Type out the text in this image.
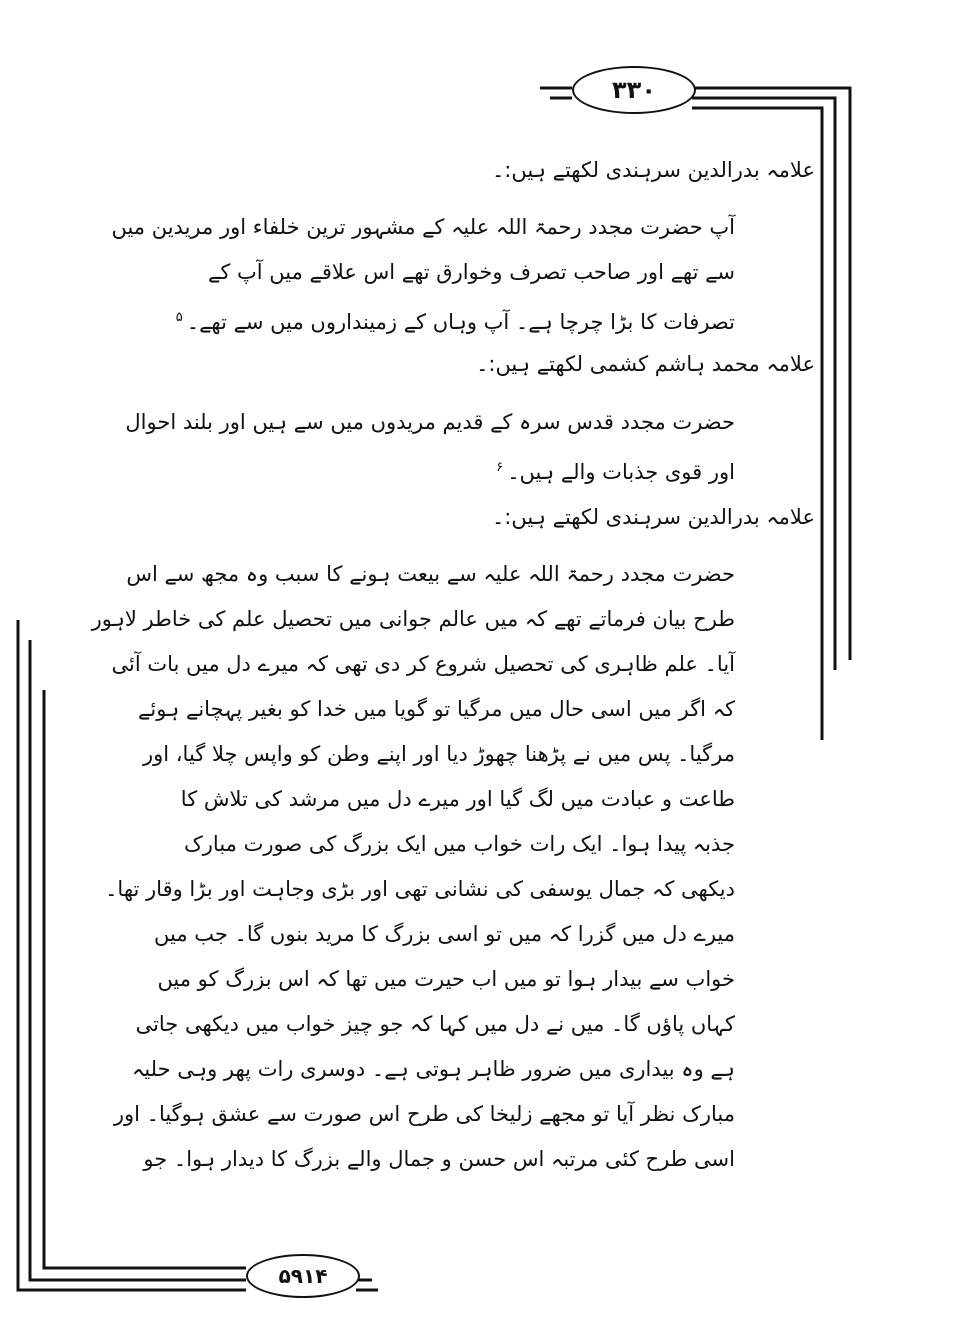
۳۳۰
علامہ بدرالدین سرہندی لکھتے ہیں:۔
آپ حضرت مجدد رحمۃ اللہ علیہ کے مشہور ترین خلفاء اور مریدین میں
سے تھے اور صاحب تصرف وخوارق تھے اس علاقے میں آپ کے
تصرفات کا بڑا چرچا ہے۔ آپ وہاں کے زمینداروں میں سے تھے۔$^۵$
علامہ محمد ہاشم کشمی لکھتے ہیں:۔
حضرت مجدد قدس سرہ کے قدیم مریدوں میں سے ہیں اور بلند احوال
اور قوی جذبات والے ہیں۔$^۶$
علامہ بدرالدین سرہندی لکھتے ہیں:۔
حضرت مجدد رحمۃ اللہ علیہ سے بیعت ہونے کا سبب وہ مجھ سے اس
طرح بیان فرماتے تھے کہ میں عالم جوانی میں تحصیل علم کی خاطر لاہور
آیا۔ علم ظاہری کی تحصیل شروع کر دی تھی کہ میرے دل میں بات آئی
کہ اگر میں اسی حال میں مرگیا تو گویا میں خدا کو بغیر پہچانے ہوئے
مرگیا۔ پس میں نے پڑھنا چھوڑ دیا اور اپنے وطن کو واپس چلا گیا، اور
طاعت و عبادت میں لگ گیا اور میرے دل میں مرشد کی تلاش کا
جذبہ پیدا ہوا۔ ایک رات خواب میں ایک بزرگ کی صورت مبارک
دیکھی کہ جمال یوسفی کی نشانی تھی اور بڑی وجاہت اور بڑا وقار تھا۔
میرے دل میں گزرا کہ میں تو اسی بزرگ کا مرید بنوں گا۔ جب میں
خواب سے بیدار ہوا تو میں اب حیرت میں تھا کہ اس بزرگ کو میں
کہاں پاؤں گا۔ میں نے دل میں کہا کہ جو چیز خواب میں دیکھی جاتی
ہے وہ بیداری میں ضرور ظاہر ہوتی ہے۔ دوسری رات پھر وہی حلیہ
مبارک نظر آیا تو مجھے زلیخا کی طرح اس صورت سے عشق ہوگیا۔ اور
اسی طرح کئی مرتبہ اس حسن و جمال والے بزرگ کا دیدار ہوا۔ جو
۵۹۱۴
